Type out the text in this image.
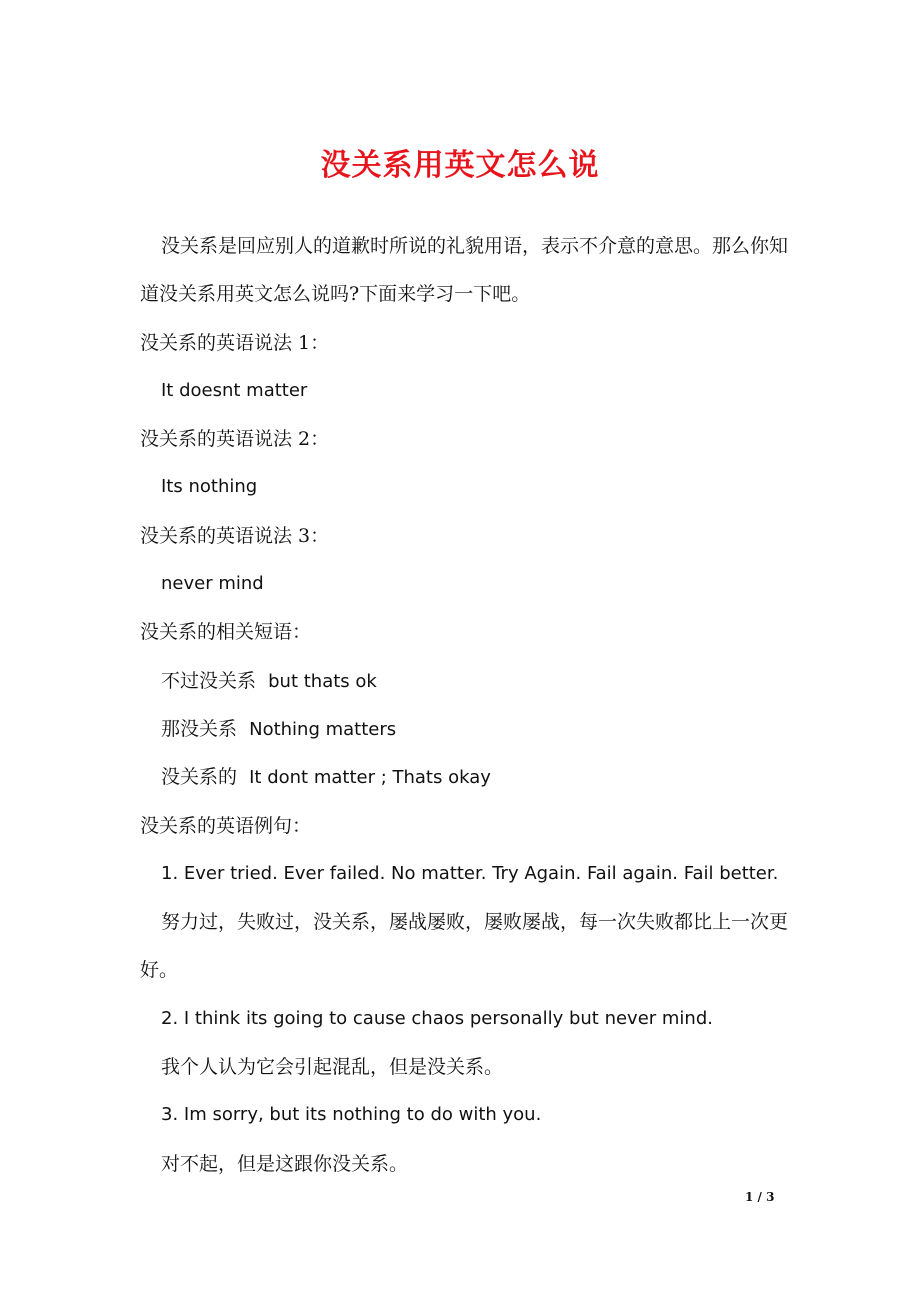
没关系用英文怎么说
没关系是回应别人的道歉时所说的礼貌用语，表示不介意的意思。那么你知道没关系用英文怎么说吗?下面来学习一下吧。
没关系的英语说法 1：
It doesnt matter
没关系的英语说法 2：
Its nothing
没关系的英语说法 3：
never mind
没关系的相关短语：
不过没关系 but thats ok
那没关系 Nothing matters
没关系的 It dont matter ; Thats okay
没关系的英语例句：
1. Ever tried. Ever failed. No matter. Try Again. Fail again. Fail better.
努力过，失败过，没关系，屡战屡败，屡败屡战，每一次失败都比上一次更好。
2. I think its going to cause chaos personally but never mind.
我个人认为它会引起混乱，但是没关系。
3. Im sorry, but its nothing to do with you.
对不起，但是这跟你没关系。
1 / 3
